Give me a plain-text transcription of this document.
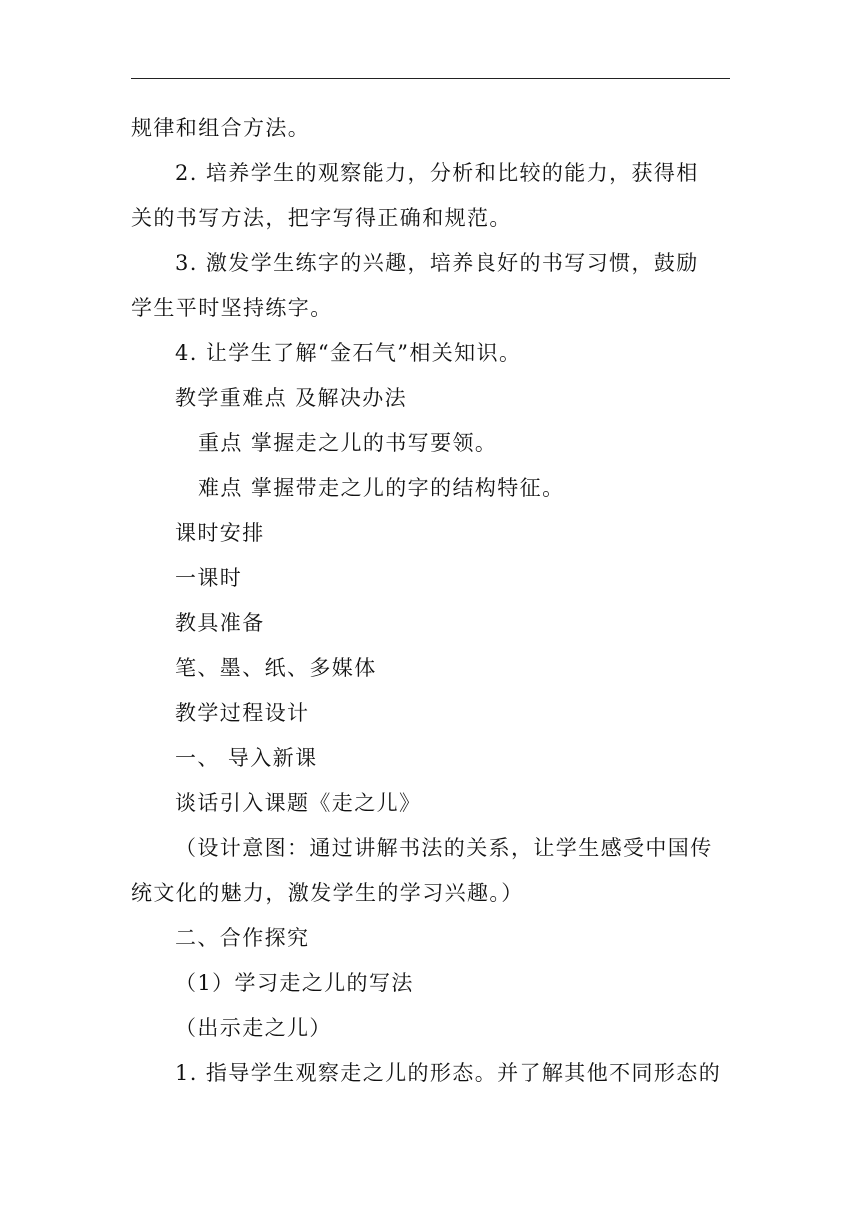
规律和组合方法。
2. 培养学生的观察能力，分析和比较的能力，获得相
关的书写方法，把字写得正确和规范。
3. 激发学生练字的兴趣，培养良好的书写习惯，鼓励
学生平时坚持练字。
4. 让学生了解“金石气”相关知识。
教学重难点 及解决办法
重点 掌握走之儿的书写要领。
难点 掌握带走之儿的字的结构特征。
课时安排
一课时
教具准备
笔、墨、纸、多媒体
教学过程设计
一、 导入新课
谈话引入课题《走之儿》
（设计意图：通过讲解书法的关系，让学生感受中国传
统文化的魅力，激发学生的学习兴趣。）
二、合作探究
（1）学习走之儿的写法
（出示走之儿）
1. 指导学生观察走之儿的形态。并了解其他不同形态的
